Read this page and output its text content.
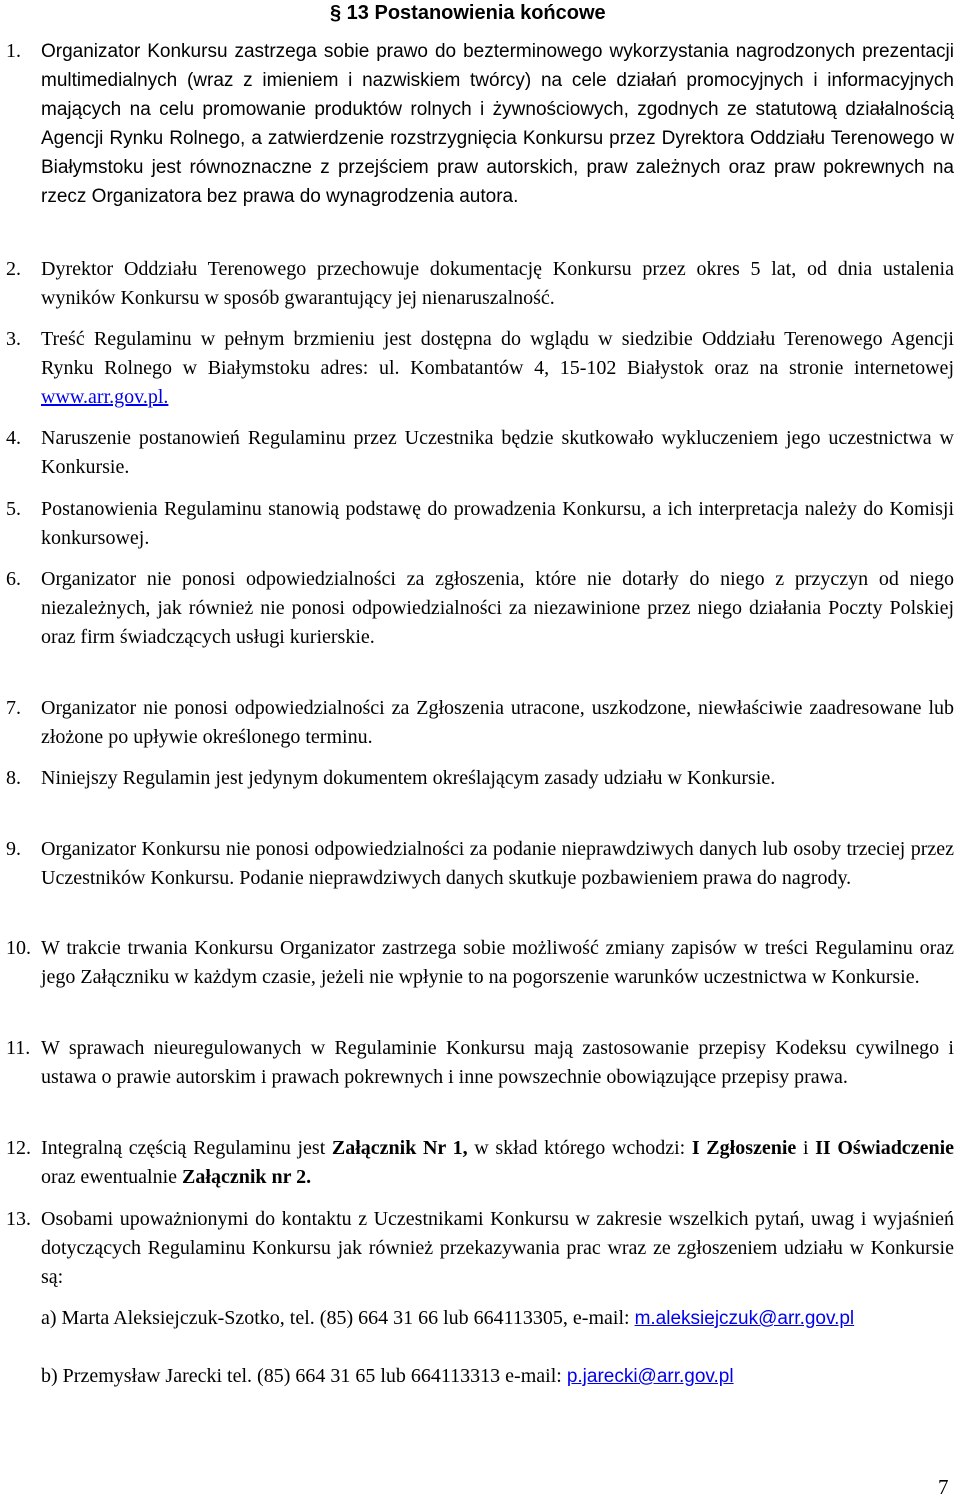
§ 13 Postanowienia końcowe
1. Organizator Konkursu zastrzega sobie prawo do bezterminowego wykorzystania nagrodzonych prezentacji multimedialnych (wraz z imieniem i nazwiskiem twórcy) na cele działań promocyjnych i informacyjnych mających na celu promowanie produktów rolnych i żywnościowych, zgodnych ze statutową działalnością Agencji Rynku Rolnego, a zatwierdzenie rozstrzygnięcia Konkursu przez Dyrektora Oddziału Terenowego w Białymstoku jest równoznaczne z przejściem praw autorskich, praw zależnych oraz praw pokrewnych na rzecz Organizatora bez prawa do wynagrodzenia autora.
2. Dyrektor Oddziału Terenowego przechowuje dokumentację Konkursu przez okres 5 lat, od dnia ustalenia wyników Konkursu w sposób gwarantujący jej nienaruszalność.
3. Treść Regulaminu w pełnym brzmieniu jest dostępna do wglądu w siedzibie Oddziału Terenowego Agencji Rynku Rolnego w Białymstoku adres: ul. Kombatantów 4, 15-102 Białystok oraz na stronie internetowej www.arr.gov.pl.
4. Naruszenie postanowień Regulaminu przez Uczestnika będzie skutkowało wykluczeniem jego uczestnictwa w Konkursie.
5. Postanowienia Regulaminu stanowią podstawę do prowadzenia Konkursu, a ich interpretacja należy do Komisji konkursowej.
6. Organizator nie ponosi odpowiedzialności za zgłoszenia, które nie dotarły do niego z przyczyn od niego niezależnych, jak również nie ponosi odpowiedzialności za niezawinione przez niego działania Poczty Polskiej oraz firm świadczących usługi kurierskie.
7. Organizator nie ponosi odpowiedzialności za Zgłoszenia utracone, uszkodzone, niewłaściwie zaadresowane lub złożone po upływie określonego terminu.
8. Niniejszy Regulamin jest jedynym dokumentem określającym zasady udziału w Konkursie.
9. Organizator Konkursu nie ponosi odpowiedzialności za podanie nieprawdziwych danych lub osoby trzeciej przez Uczestników Konkursu. Podanie nieprawdziwych danych skutkuje pozbawieniem prawa do nagrody.
10. W trakcie trwania Konkursu Organizator zastrzega sobie możliwość zmiany zapisów w treści Regulaminu oraz jego Załączniku w każdym czasie, jeżeli nie wpłynie to na pogorszenie warunków uczestnictwa w Konkursie.
11. W sprawach nieuregulowanych w Regulaminie Konkursu mają zastosowanie przepisy Kodeksu cywilnego i ustawa o prawie autorskim i prawach pokrewnych i inne powszechnie obowiązujące przepisy prawa.
12. Integralną częścią Regulaminu jest Załącznik Nr 1, w skład którego wchodzi: I Zgłoszenie i II Oświadczenie oraz ewentualnie Załącznik nr 2.
13. Osobami upoważnionymi do kontaktu z Uczestnikami Konkursu w zakresie wszelkich pytań, uwag i wyjaśnień dotyczących Regulaminu Konkursu jak również przekazywania prac wraz ze zgłoszeniem udziału w Konkursie są:
a) Marta Aleksiejczuk-Szotko, tel. (85) 664 31 66 lub 664113305, e-mail: m.aleksiejczuk@arr.gov.pl
b) Przemysław Jarecki tel. (85) 664 31 65 lub 664113313 e-mail: p.jarecki@arr.gov.pl
7
